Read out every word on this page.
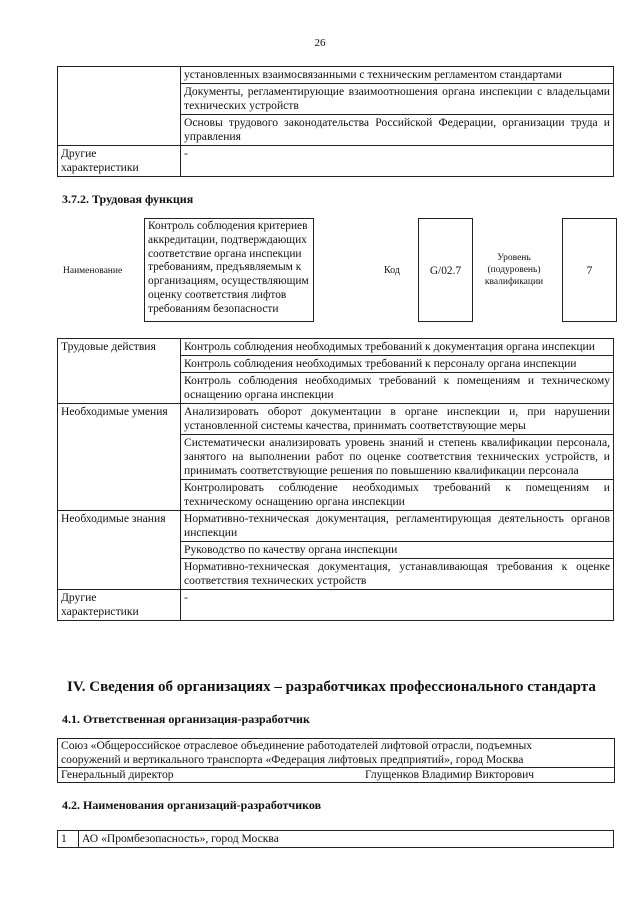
26
	установленных взаимосвязанными с техническим регламентом стандартами
	Документы, регламентирующие взаимоотношения органа инспекции с владельцами технических устройств
	Основы трудового законодательства Российской Федерации, организации труда и управления
Другие характеристики	-
3.7.2. Трудовая функция
Наименование
Контроль соблюдения критериев аккредитации, подтверждающих соответствие органа инспекции требованиям, предъявляемым к организациям, осуществляющим оценку соответствия лифтов требованиям безопасности
Код	G/02.7
Уровень (подуровень) квалификации
7
Трудовые действия	Контроль соблюдения необходимых требований к документация органа инспекции
	Контроль соблюдения необходимых требований к персоналу органа инспекции
	Контроль соблюдения необходимых требований к помещениям и техническому оснащению органа инспекции
Необходимые умения	Анализировать оборот документации в органе инспекции и, при нарушении установленной системы качества, принимать соответствующие меры
	Систематически анализировать уровень знаний и степень квалификации персонала, занятого на выполнении работ по оценке соответствия технических устройств, и принимать соответствующие решения по повышению квалификации персонала
	Контролировать соблюдение необходимых требований к помещениям и техническому оснащению органа инспекции
Необходимые знания	Нормативно-техническая документация, регламентирующая деятельность органов инспекции
	Руководство по качеству органа инспекции
	Нормативно-техническая документация, устанавливающая требования к оценке соответствия технических устройств
Другие характеристики	-
IV. Сведения об организациях – разработчиках профессионального стандарта
4.1. Ответственная организация-разработчик
Союз «Общероссийское отраслевое объединение работодателей лифтовой отрасли, подъемных
сооружений и вертикального транспорта «Федерация лифтовых предприятий», город Москва
Генеральный директор	Глущенков Владимир Викторович
4.2. Наименования организаций-разработчиков
1	АО «Промбезопасность», город Москва
